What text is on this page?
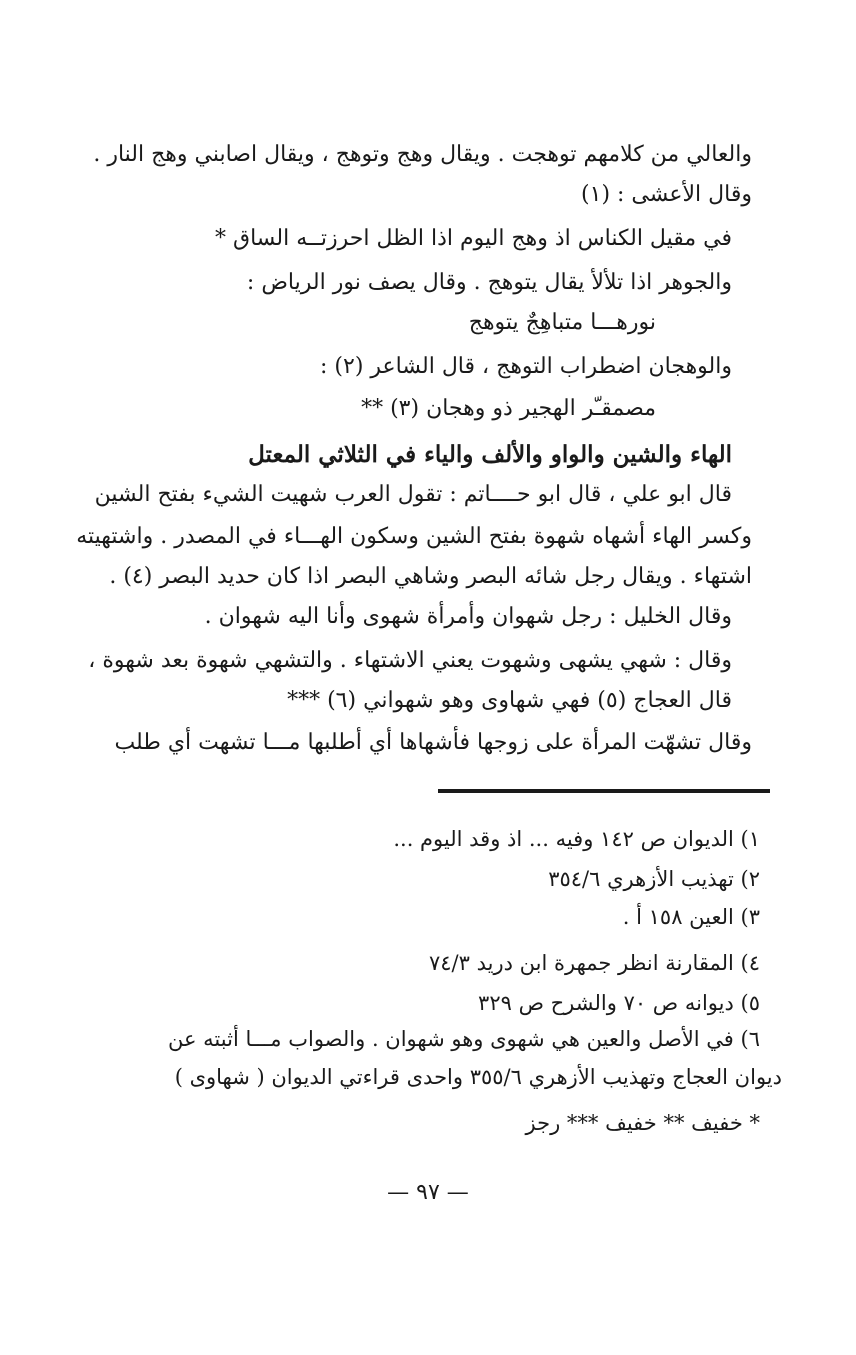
والعالي من كلامهم توهجت . ويقال وهج وتوهج ، ويقال اصابني وهج النار .
وقال الأعشى : (١)
في مقيل الكناس اذ وهج اليوم اذا الظل احرزتــه الساق *
والجوهر اذا تلألأ يقال يتوهج . وقال يصف نور الرياض :
نورهـــا متباهِجٌ يتوهج
والوهجان اضطراب التوهج ، قال الشاعر (٢) :
مصمقـّر الهجير ذو وهجان (٣) **
الهاء والشين والواو والألف والياء في الثلاثي المعتل
قال ابو علي ، قال ابو حــــاتم : تقول العرب شهيت الشيء بفتح الشين
وكسر الهاء أشهاه شهوة بفتح الشين وسكون الهـــاء في المصدر . واشتهيته
اشتهاء . ويقال رجل شائه البصر وشاهي البصر اذا كان حديد البصر (٤) .
وقال الخليل : رجل شهوان وأمرأة شهوى وأنا اليه شهوان .
وقال : شهي يشهى وشهوت يعني الاشتهاء . والتشهي شهوة بعد شهوة ،
قال العجاج (٥) فهي شهاوى وهو شهواني (٦) ***
وقال تشهّت المرأة على زوجها فأشهاها أي أطلبها مـــا تشهت أي طلب
١) الديوان ص ١٤٢ وفيه ... اذ وقد اليوم ...
٢) تهذيب الأزهري ٣٥٤/٦
٣) العين ١٥٨ أ .
٤) المقارنة انظر جمهرة ابن دريد ٧٤/٣
٥) ديوانه ص ٧٠ والشرح ص ٣٢٩
٦) في الأصل والعين هي شهوى وهو شهوان . والصواب مـــا أثبته عن
ديوان العجاج وتهذيب الأزهري ٣٥٥/٦ واحدى قراءتي الديوان ( شهاوى )
* خفيف ** خفيف *** رجز
— ٩٧ —
